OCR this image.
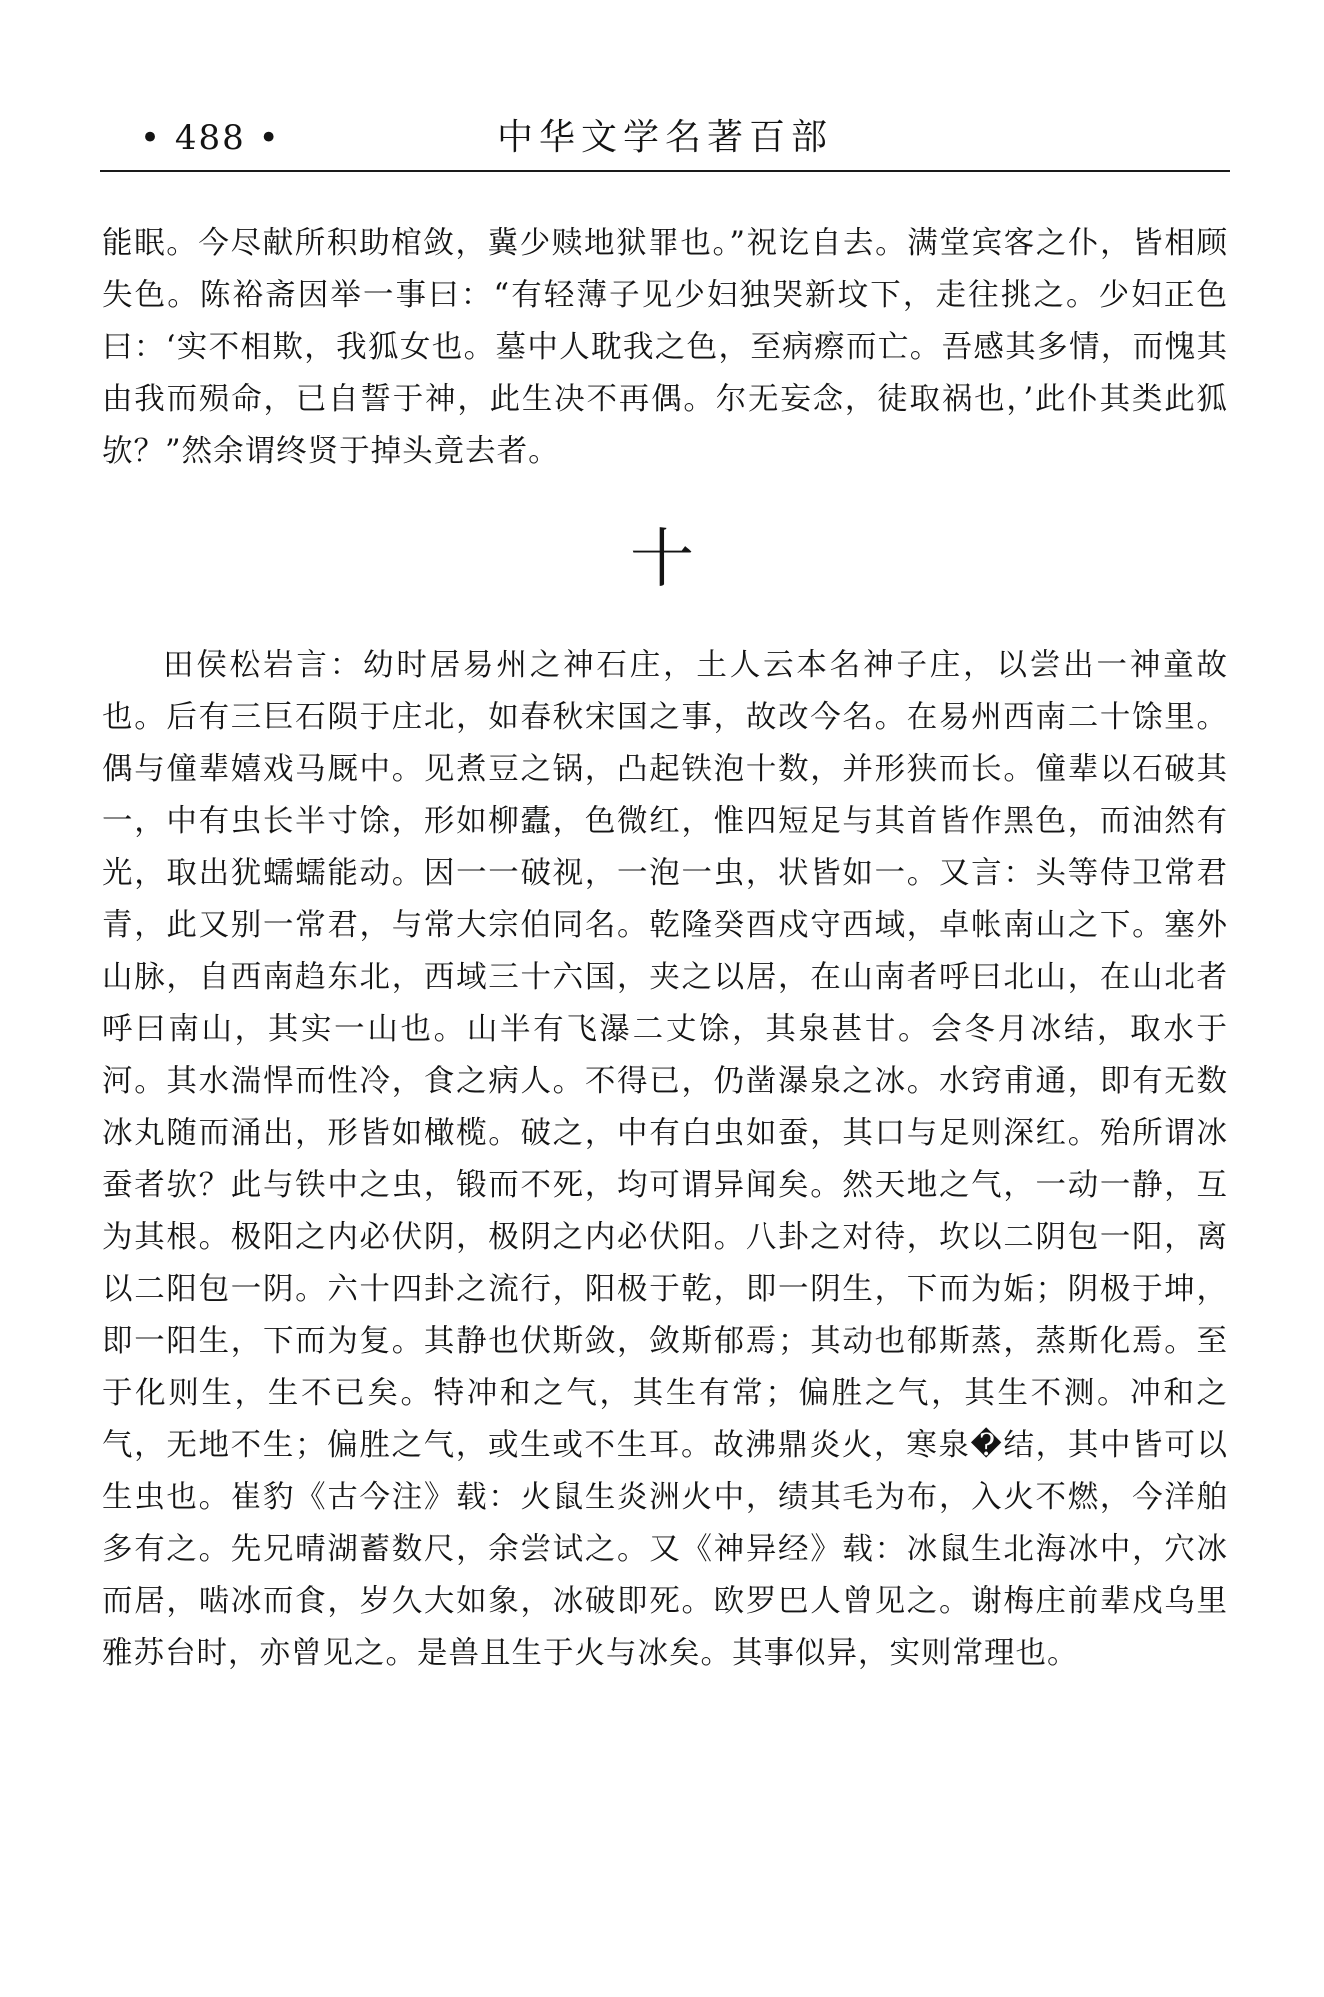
• 488 •	中华文学名著百部

能眠。今尽献所积助棺敛，冀少赎地狱罪也。”祝讫自去。满堂宾客之仆，皆相顾失色。陈裕斋因举一事曰：“有轻薄子见少妇独哭新坟下，走往挑之。少妇正色曰：‘实不相欺，我狐女也。墓中人耽我之色，至病瘵而亡。吾感其多情，而愧其由我而殒命，已自誓于神，此生决不再偶。尔无妄念，徒取祸也，’此仆其类此狐欤？”然余谓终贤于掉头竟去者。

十

田侯松岩言：幼时居易州之神石庄，土人云本名神子庄，以尝出一神童故也。后有三巨石陨于庄北，如春秋宋国之事，故改今名。在易州西南二十馀里。偶与僮辈嬉戏马厩中。见煮豆之锅，凸起铁泡十数，并形狭而长。僮辈以石破其一，中有虫长半寸馀，形如柳蠹，色微红，惟四短足与其首皆作黑色，而油然有光，取出犹蠕蠕能动。因一一破视，一泡一虫，状皆如一。又言：头等侍卫常君青，此又别一常君，与常大宗伯同名。乾隆癸酉戍守西域，卓帐南山之下。塞外山脉，自西南趋东北，西域三十六国，夹之以居，在山南者呼曰北山，在山北者呼曰南山，其实一山也。山半有飞瀑二丈馀，其泉甚甘。会冬月冰结，取水于河。其水湍悍而性冷，食之病人。不得已，仍凿瀑泉之冰。水窍甫通，即有无数冰丸随而涌出，形皆如橄榄。破之，中有白虫如蚕，其口与足则深红。殆所谓冰蚕者欤？此与铁中之虫，锻而不死，均可谓异闻矣。然天地之气，一动一静，互为其根。极阳之内必伏阴，极阴之内必伏阳。八卦之对待，坎以二阴包一阳，离以二阳包一阴。六十四卦之流行，阳极于乾，即一阴生，下而为姤；阴极于坤，即一阳生，下而为复。其静也伏斯敛，敛斯郁焉；其动也郁斯蒸，蒸斯化焉。至于化则生，生不已矣。特冲和之气，其生有常；偏胜之气，其生不测。冲和之气，无地不生；偏胜之气，或生或不生耳。故沸鼎炎火，寒泉�结，其中皆可以生虫也。崔豹《古今注》载：火鼠生炎洲火中，绩其毛为布，入火不燃，今洋舶多有之。先兄晴湖蓄数尺，余尝试之。又《神异经》载：冰鼠生北海冰中，穴冰而居，啮冰而食，岁久大如象，冰破即死。欧罗巴人曾见之。谢梅庄前辈戍乌里雅苏台时，亦曾见之。是兽且生于火与冰矣。其事似异，实则常理也。
